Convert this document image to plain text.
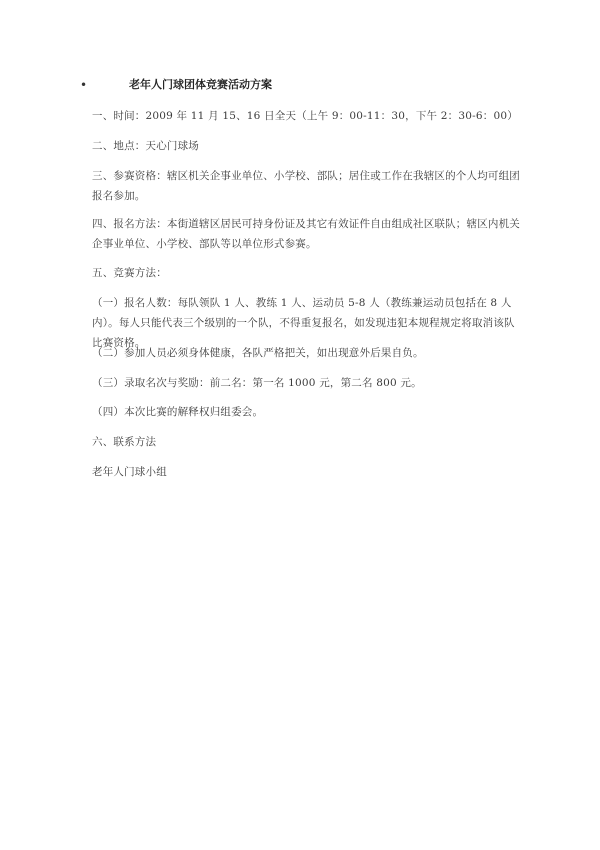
•	老年人门球团体竞赛活动方案
一、时间：2009 年 11 月 15、16 日全天（上午 9：00-11：30，下午 2：30-6：00）
二、地点：天心门球场
三、参赛资格：辖区机关企事业单位、小学校、部队；居住或工作在我辖区的个人均可组团报名参加。
四、报名方法：本街道辖区居民可持身份证及其它有效证件自由组成社区联队；辖区内机关企事业单位、小学校、部队等以单位形式参赛。
五、竞赛方法：
（一）报名人数：每队领队 1 人、教练 1 人、运动员 5-8 人（教练兼运动员包括在 8 人内）。每人只能代表三个级别的一个队，不得重复报名，如发现违犯本规程规定将取消该队比赛资格。
（二）参加人员必须身体健康，各队严格把关，如出现意外后果自负。
（三）录取名次与奖励：前二名：第一名 1000 元，第二名 800 元。
（四）本次比赛的解释权归组委会。
六、联系方法
老年人门球小组
